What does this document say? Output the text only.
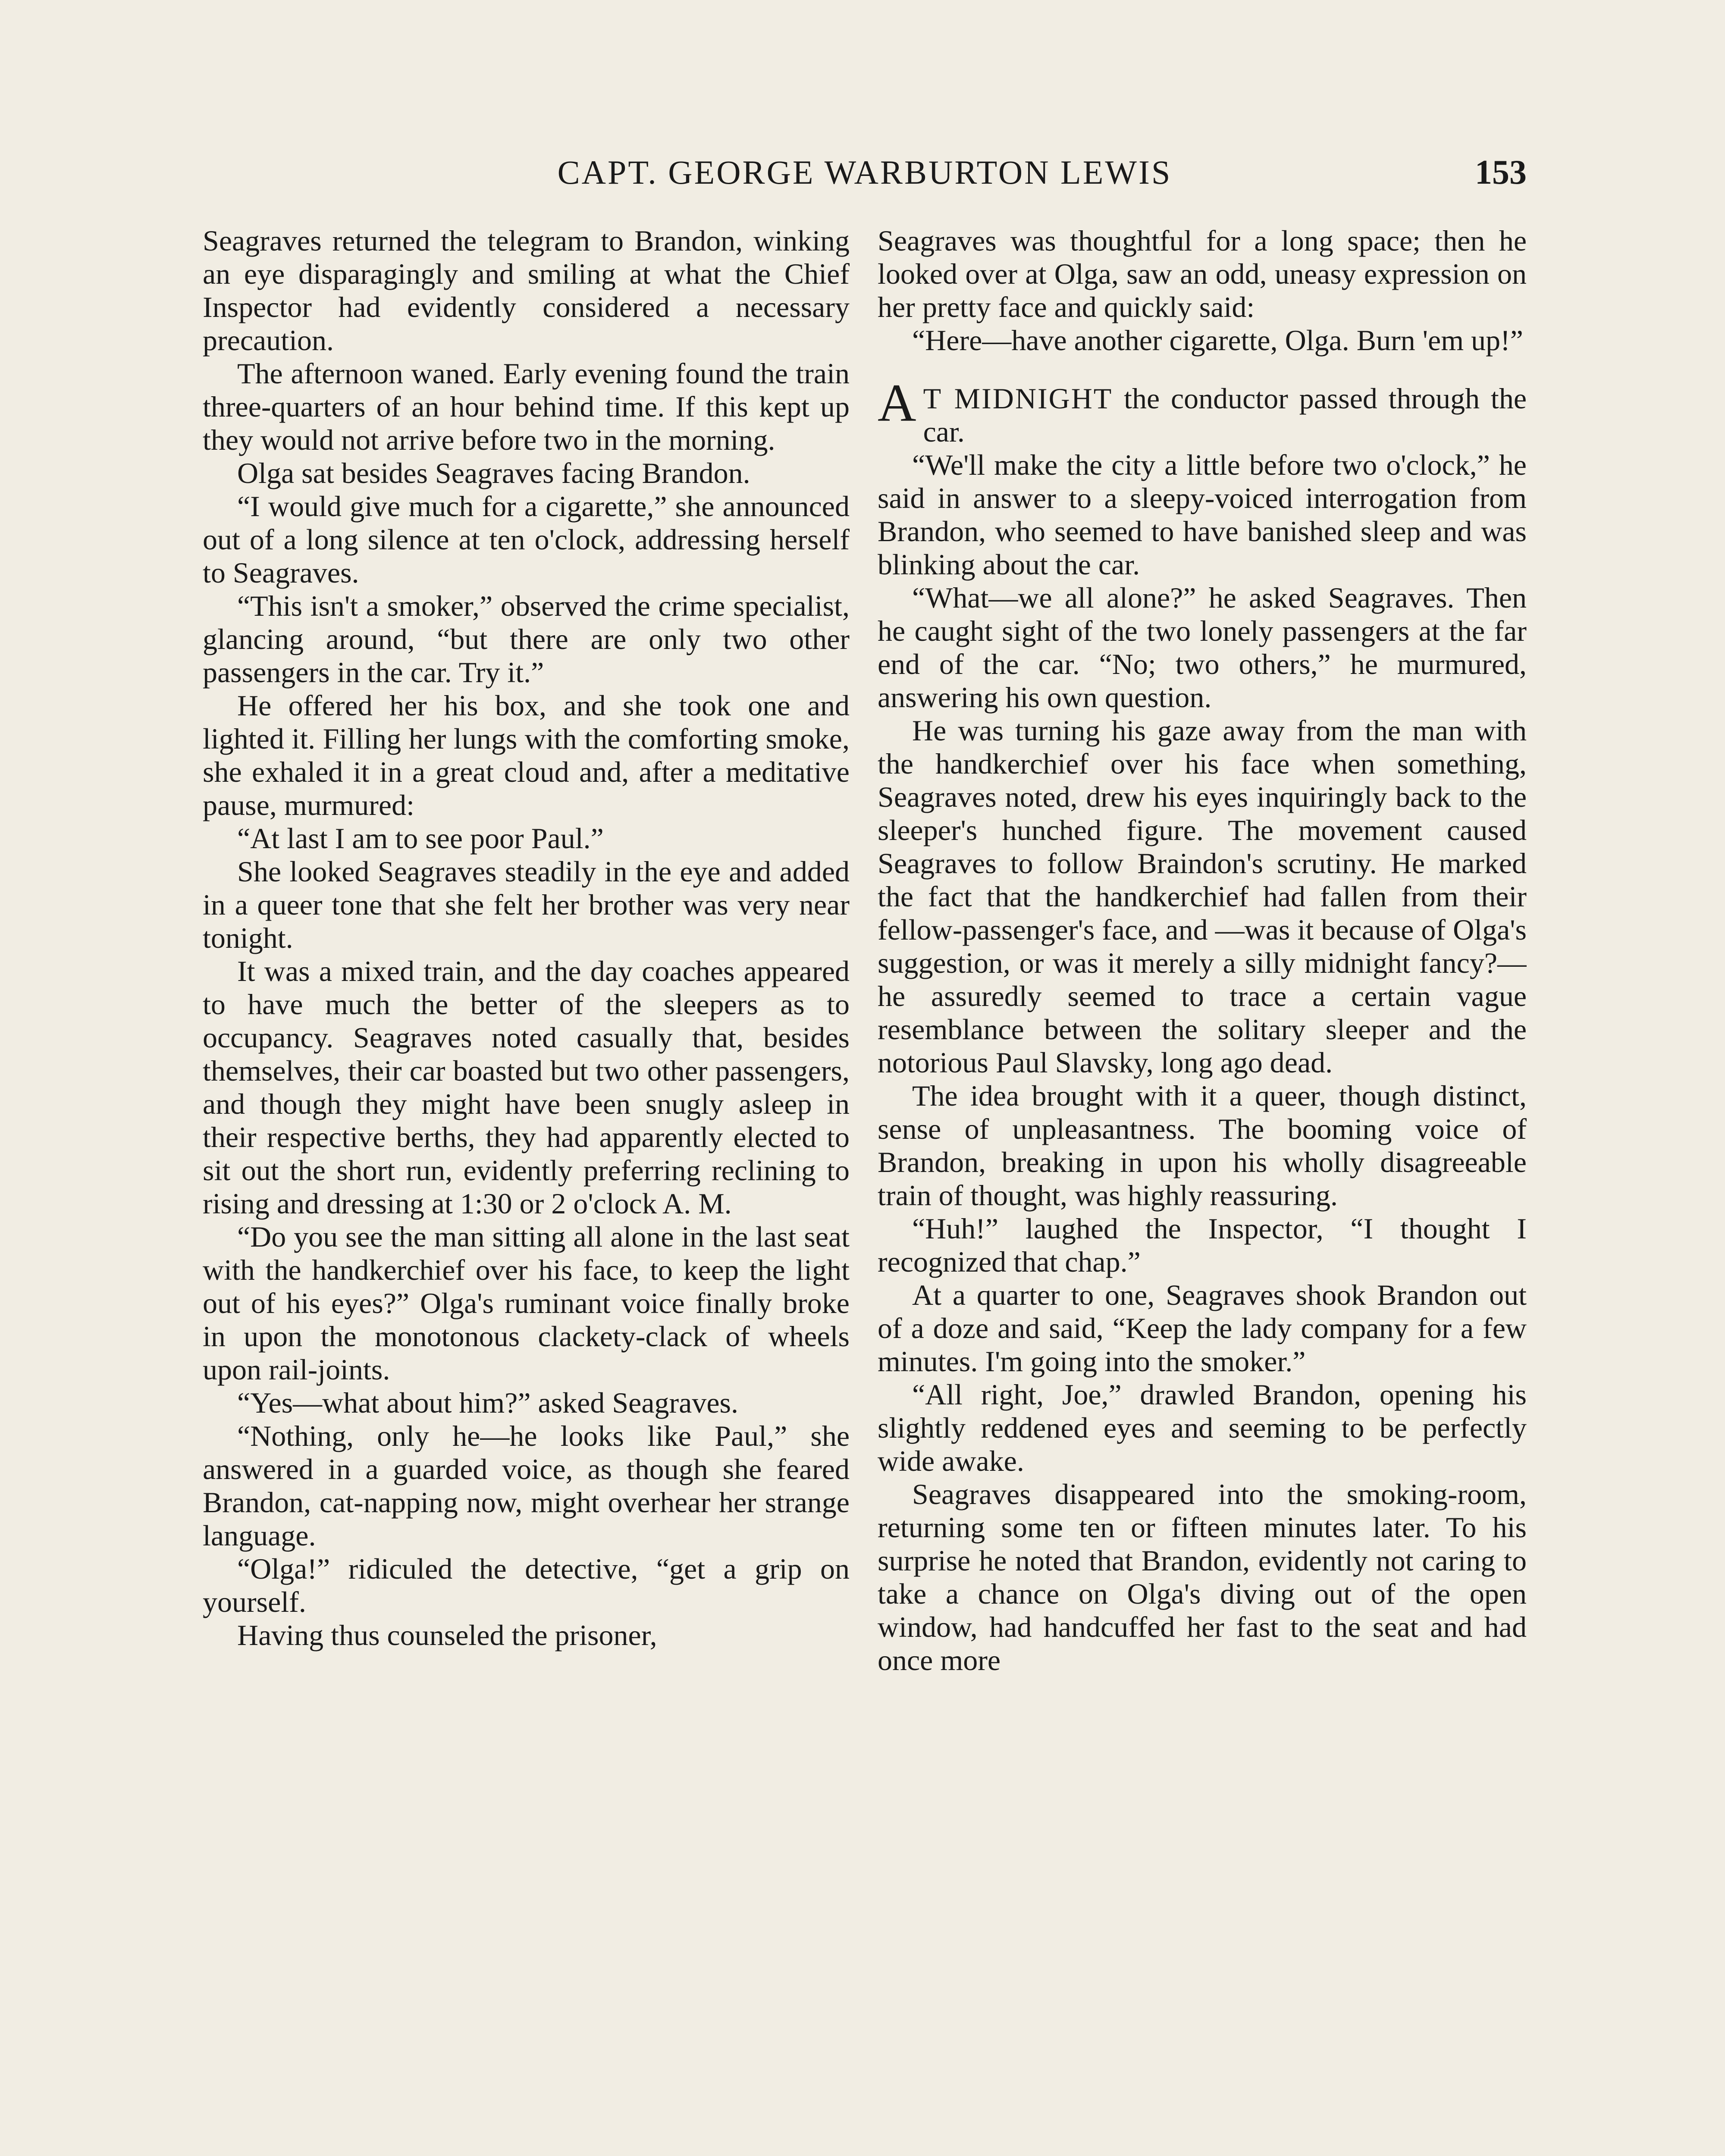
CAPT. GEORGE WARBURTON LEWIS	153

Seagraves returned the telegram to Brandon, winking an eye disparagingly and smiling at what the Chief Inspector had evidently considered a necessary precaution.

The afternoon waned. Early evening found the train three-quarters of an hour behind time. If this kept up they would not arrive before two in the morning.

Olga sat besides Seagraves facing Brandon.

“I would give much for a cigarette,” she announced out of a long silence at ten o'clock, addressing herself to Seagraves.

“This isn't a smoker,” observed the crime specialist, glancing around, “but there are only two other passengers in the car. Try it.”

He offered her his box, and she took one and lighted it. Filling her lungs with the comforting smoke, she exhaled it in a great cloud and, after a meditative pause, murmured:

“At last I am to see poor Paul.”

She looked Seagraves steadily in the eye and added in a queer tone that she felt her brother was very near tonight.

It was a mixed train, and the day coaches appeared to have much the better of the sleepers as to occupancy. Seagraves noted casually that, besides themselves, their car boasted but two other passengers, and though they might have been snugly asleep in their respective berths, they had apparently elected to sit out the short run, evidently preferring reclining to rising and dressing at 1:30 or 2 o'clock A. M.

“Do you see the man sitting all alone in the last seat with the handkerchief over his face, to keep the light out of his eyes?” Olga's ruminant voice finally broke in upon the monotonous clackety-clack of wheels upon rail-joints.

“Yes—what about him?” asked Seagraves.

“Nothing, only he—he looks like Paul,” she answered in a guarded voice, as though she feared Brandon, cat-napping now, might overhear her strange language.

“Olga!” ridiculed the detective, “get a grip on yourself.

Having thus counseled the prisoner,

Seagraves was thoughtful for a long space; then he looked over at Olga, saw an odd, uneasy expression on her pretty face and quickly said:

“Here—have another cigarette, Olga. Burn 'em up!”

A T MIDNIGHT the conductor passed through the car.

“We'll make the city a little before two o'clock,” he said in answer to a sleepy-voiced interrogation from Brandon, who seemed to have banished sleep and was blinking about the car.

“What—we all alone?” he asked Seagraves. Then he caught sight of the two lonely passengers at the far end of the car. “No; two others,” he murmured, answering his own question.

He was turning his gaze away from the man with the handkerchief over his face when something, Seagraves noted, drew his eyes inquiringly back to the sleeper's hunched figure. The movement caused Seagraves to follow Braindon's scrutiny. He marked the fact that the handkerchief had fallen from their fellow-passenger's face, and —was it because of Olga's suggestion, or was it merely a silly midnight fancy?— he assuredly seemed to trace a certain vague resemblance between the solitary sleeper and the notorious Paul Slavsky, long ago dead.

The idea brought with it a queer, though distinct, sense of unpleasantness. The booming voice of Brandon, breaking in upon his wholly disagreeable train of thought, was highly reassuring.

“Huh!” laughed the Inspector, “I thought I recognized that chap.”

At a quarter to one, Seagraves shook Brandon out of a doze and said, “Keep the lady company for a few minutes. I'm going into the smoker.”

“All right, Joe,” drawled Brandon, opening his slightly reddened eyes and seeming to be perfectly wide awake.

Seagraves disappeared into the smoking-room, returning some ten or fifteen minutes later. To his surprise he noted that Brandon, evidently not caring to take a chance on Olga's diving out of the open window, had handcuffed her fast to the seat and had once more
